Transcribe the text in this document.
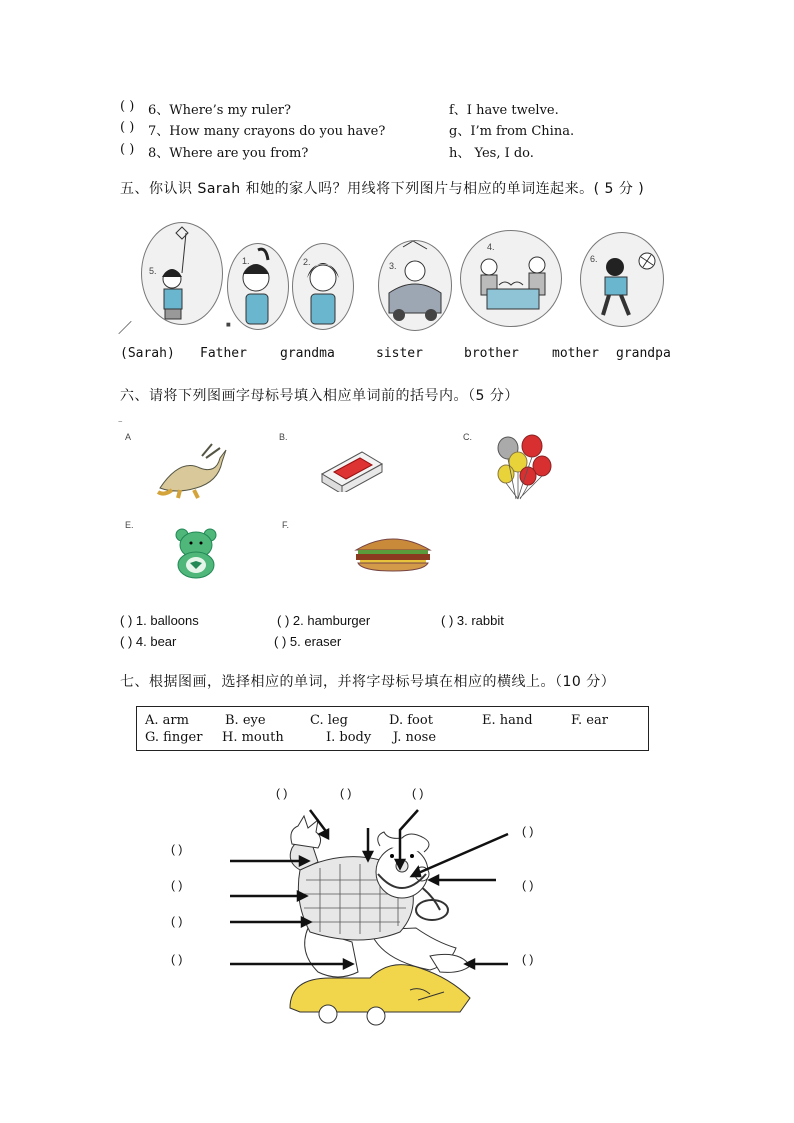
( ) 6、Where’s my ruler?	f、I have twelve.
( ) 7、How many crayons do you have?	g、I’m from China.
( ) 8、Where are you from?	h、 Yes, I do.
五、你认识 Sarah 和她的家人吗？用线将下列图片与相应的单词连起来。( 5 分 )
5.
1.	2.	3.
4.
6.
／	■
(Sarah) Father	grandma	sister	brother	mother grandpa
六、请将下列图画字母标号填入相应单词前的括号内。（5 分）
–
A	B.	C.
E.	F.
( ) 1. balloons	( ) 2. hamburger	( ) 3. rabbit
( ) 4. bear	( ) 5. eraser
七、根据图画，选择相应的单词，并将字母标号填在相应的横线上。（10 分）
A. arm	B. eye	C. leg	D. foot	E. hand	F. ear
G. finger H. mouth	I. body J. nose
( )	( )	( )
( )
( )
( )	( )
( )
( )	( )
